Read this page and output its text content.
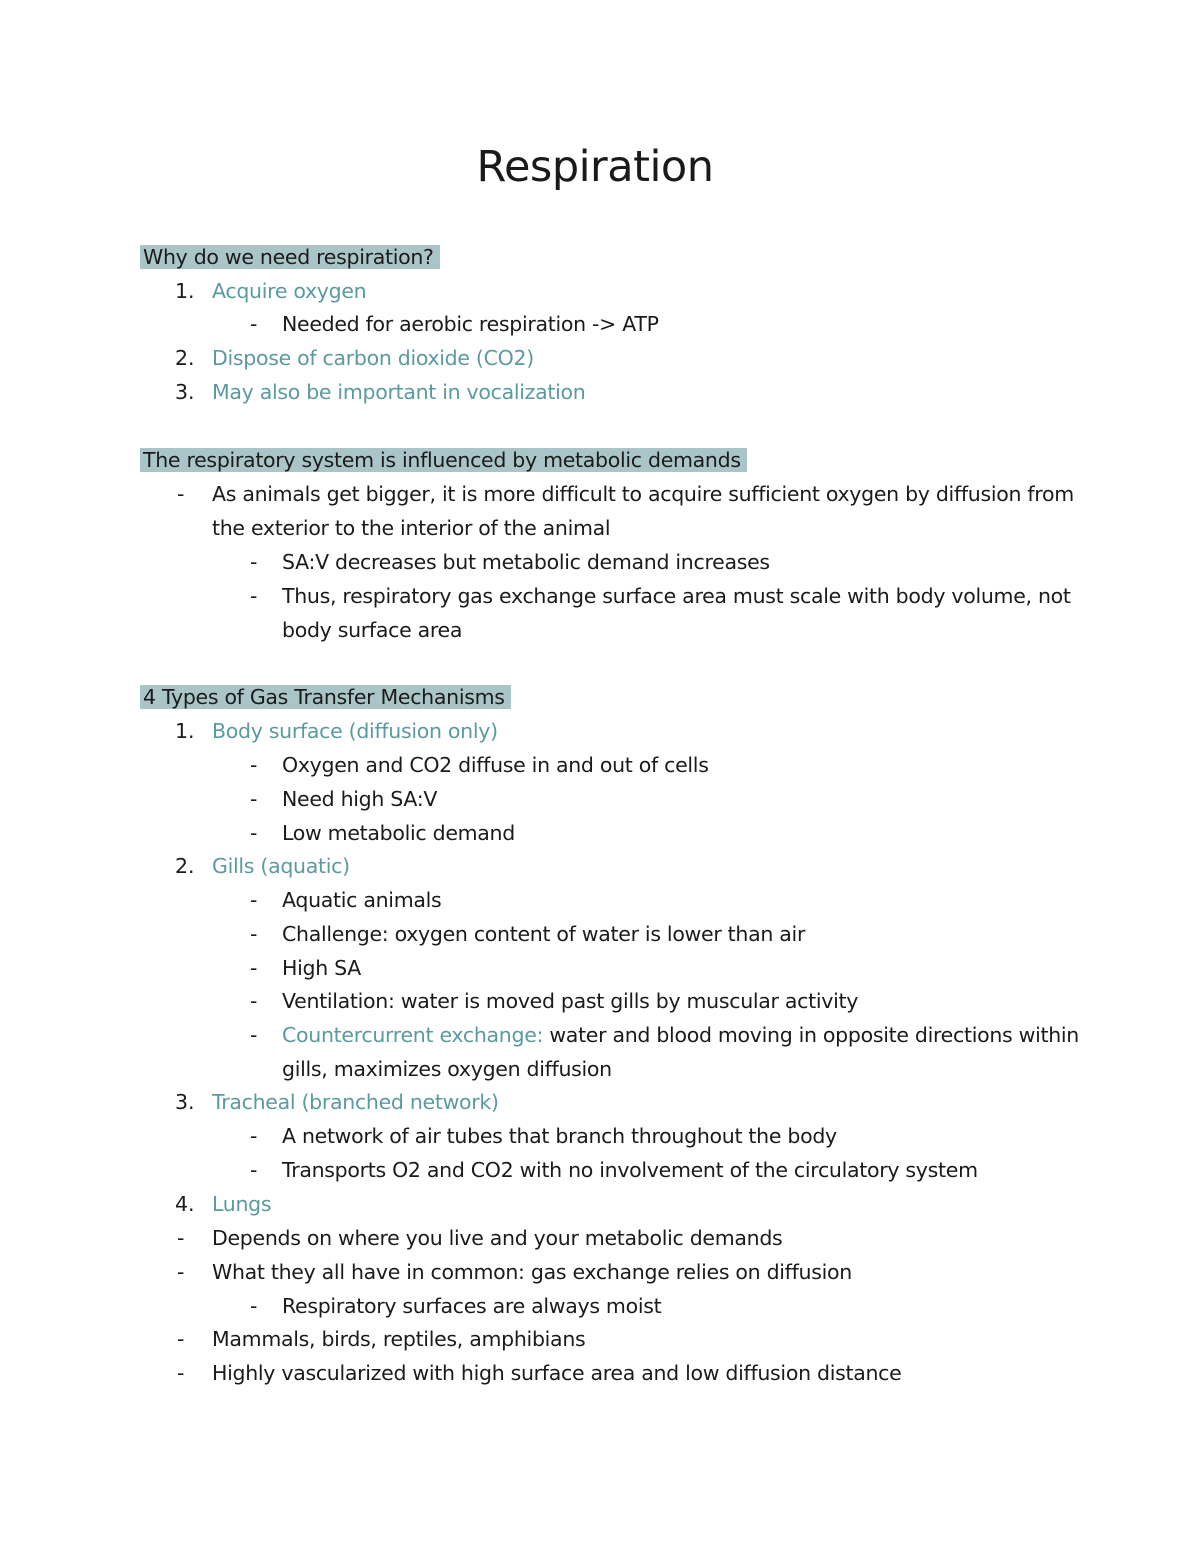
Respiration
Why do we need respiration?
1. Acquire oxygen
- Needed for aerobic respiration -> ATP
2. Dispose of carbon dioxide (CO2)
3. May also be important in vocalization
The respiratory system is influenced by metabolic demands
- As animals get bigger, it is more difficult to acquire sufficient oxygen by diffusion from
the exterior to the interior of the animal
- SA:V decreases but metabolic demand increases
- Thus, respiratory gas exchange surface area must scale with body volume, not
body surface area
4 Types of Gas Transfer Mechanisms
1. Body surface (diffusion only)
- Oxygen and CO2 diffuse in and out of cells
- Need high SA:V
- Low metabolic demand
2. Gills (aquatic)
- Aquatic animals
- Challenge: oxygen content of water is lower than air
- High SA
- Ventilation: water is moved past gills by muscular activity
- Countercurrent exchange: water and blood moving in opposite directions within
gills, maximizes oxygen diffusion
3. Tracheal (branched network)
- A network of air tubes that branch throughout the body
- Transports O2 and CO2 with no involvement of the circulatory system
4. Lungs
- Depends on where you live and your metabolic demands
- What they all have in common: gas exchange relies on diffusion
- Respiratory surfaces are always moist
- Mammals, birds, reptiles, amphibians
- Highly vascularized with high surface area and low diffusion distance
